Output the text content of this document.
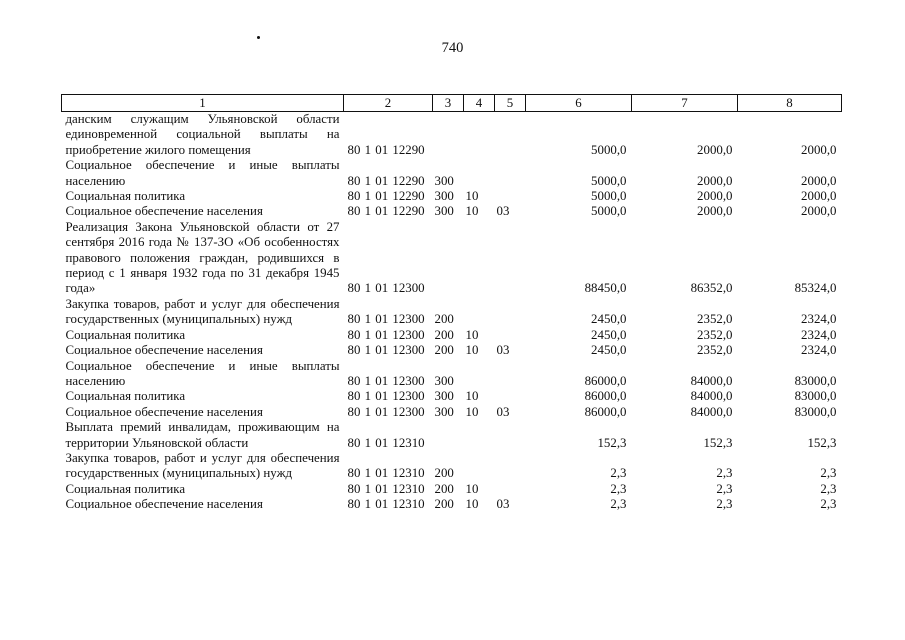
740
1	2	3	4	5	6	7	8
данским служащим Ульяновской области единовременной социальной выплаты на приобретение жилого помещения	80 1 01 12290				5000,0	2000,0	2000,0
Социальное обеспечение и иные выплаты населению	80 1 01 12290	300			5000,0	2000,0	2000,0
Социальная политика	80 1 01 12290	300	10		5000,0	2000,0	2000,0
Социальное обеспечение населения	80 1 01 12290	300	10	03	5000,0	2000,0	2000,0
Реализация Закона Ульяновской области от 27 сентября 2016 года № 137-ЗО «Об особенностях правового положения граждан, родившихся в период с 1 января 1932 года по 31 декабря 1945 года»	80 1 01 12300				88450,0	86352,0	85324,0
Закупка товаров, работ и услуг для обеспечения государственных (муниципальных) нужд	80 1 01 12300	200			2450,0	2352,0	2324,0
Социальная политика	80 1 01 12300	200	10		2450,0	2352,0	2324,0
Социальное обеспечение населения	80 1 01 12300	200	10	03	2450,0	2352,0	2324,0
Социальное обеспечение и иные выплаты населению	80 1 01 12300	300			86000,0	84000,0	83000,0
Социальная политика	80 1 01 12300	300	10		86000,0	84000,0	83000,0
Социальное обеспечение населения	80 1 01 12300	300	10	03	86000,0	84000,0	83000,0
Выплата премий инвалидам, проживающим на территории Ульяновской области	80 1 01 12310				152,3	152,3	152,3
Закупка товаров, работ и услуг для обеспечения государственных (муниципальных) нужд	80 1 01 12310	200			2,3	2,3	2,3
Социальная политика	80 1 01 12310	200	10		2,3	2,3	2,3
Социальное обеспечение населения	80 1 01 12310	200	10	03	2,3	2,3	2,3
